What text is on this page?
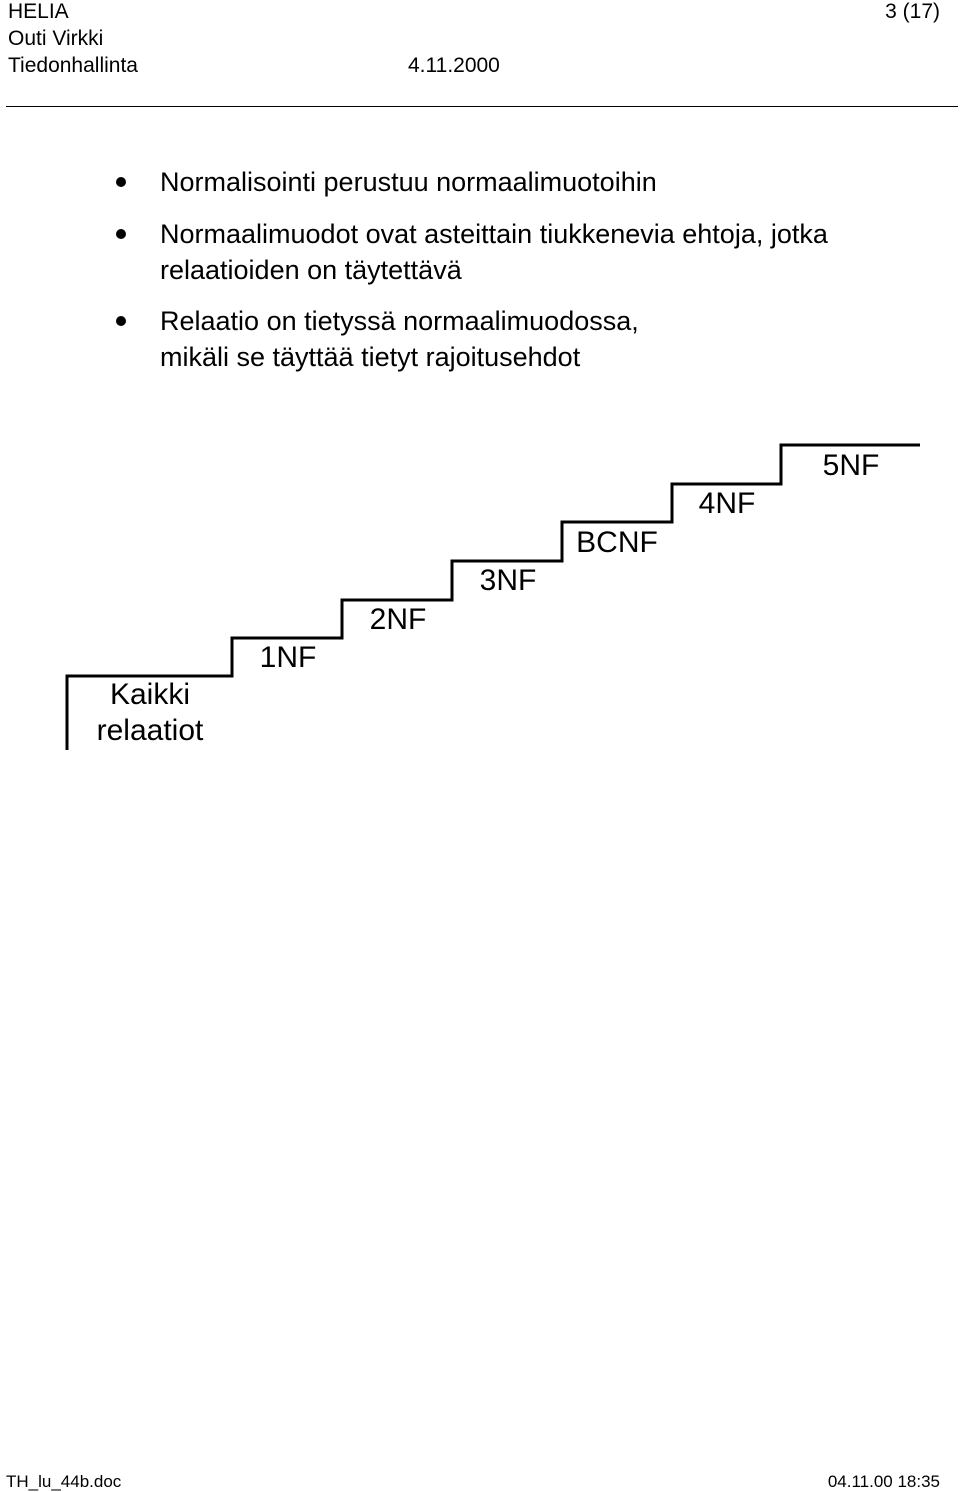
HELIA
Outi Virkki
Tiedonhallinta	4.11.2000
3 (17)
Normalisointi perustuu normaalimuotoihin
Normaalimuodot ovat asteittain tiukkenevia ehtoja, jotka
relaatioiden on täytettävä
Relaatio on tietyssä normaalimuodossa,
mikäli se täyttää tietyt rajoitusehdot
Kaikki
relaatiot
1NF
2NF
3NF
BCNF
4NF
5NF
TH_lu_44b.doc	04.11.00 18:35
